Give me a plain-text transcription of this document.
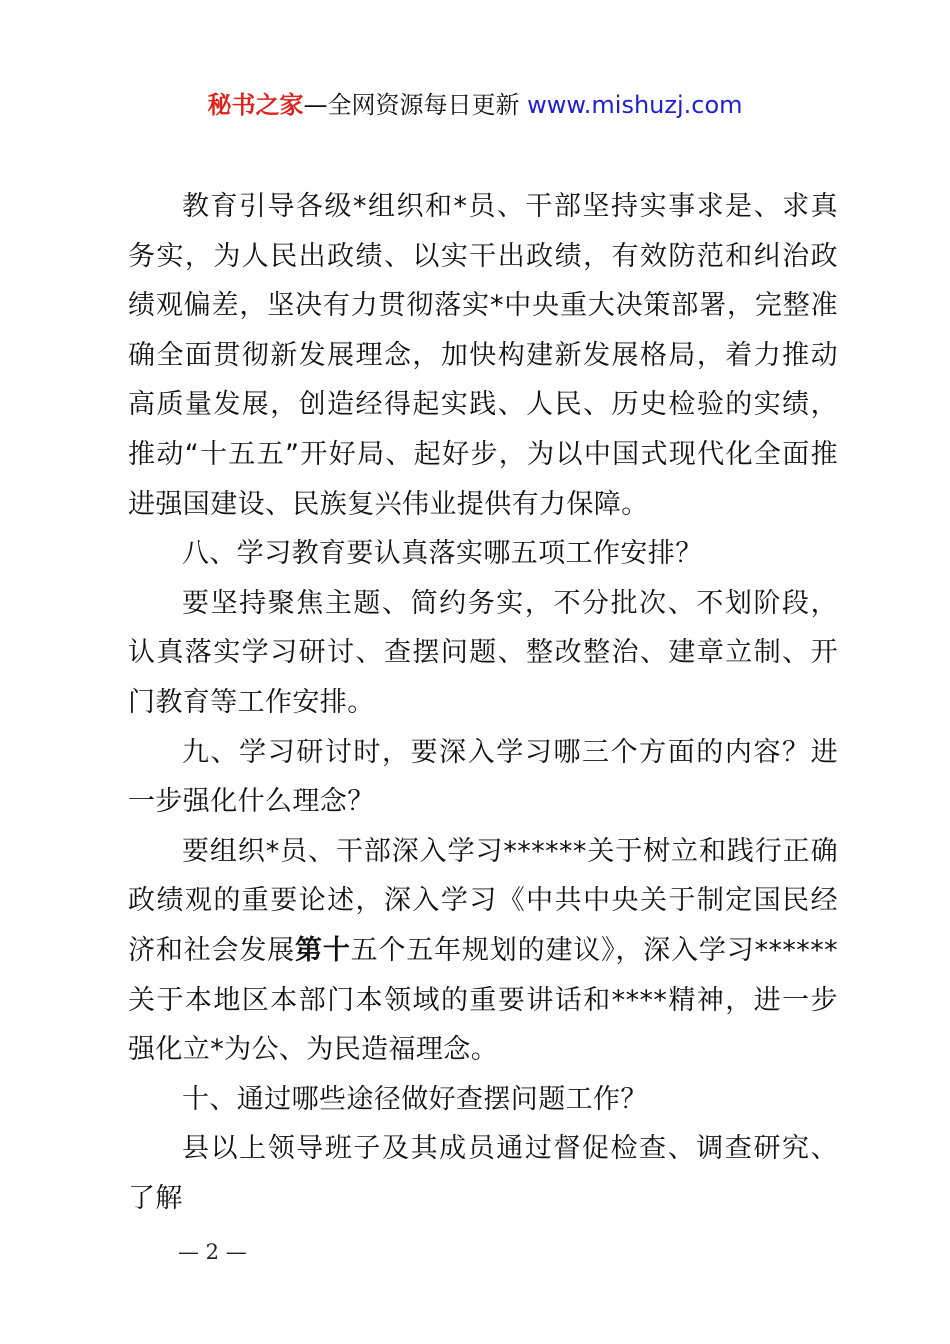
秘书之家—全网资源每日更新 www.mishuzj.com

教育引导各级*组织和*员、干部坚持实事求是、求真务实，为人民出政绩、以实干出政绩，有效防范和纠治政绩观偏差，坚决有力贯彻落实*中央重大决策部署，完整准确全面贯彻新发展理念，加快构建新发展格局，着力推动高质量发展，创造经得起实践、人民、历史检验的实绩，推动“十五五”开好局、起好步，为以中国式现代化全面推进强国建设、民族复兴伟业提供有力保障。

八、学习教育要认真落实哪五项工作安排？

要坚持聚焦主题、简约务实，不分批次、不划阶段，认真落实学习研讨、查摆问题、整改整治、建章立制、开门教育等工作安排。

九、学习研讨时，要深入学习哪三个方面的内容？进一步强化什么理念？

要组织*员、干部深入学习******关于树立和践行正确政绩观的重要论述，深入学习《中共中央关于制定国民经济和社会发展第十五个五年规划的建议》，深入学习******关于本地区本部门本领域的重要讲话和****精神，进一步强化立*为公、为民造福理念。

十、通过哪些途径做好查摆问题工作？

县以上领导班子及其成员通过督促检查、调查研究、了解

— 2 —
